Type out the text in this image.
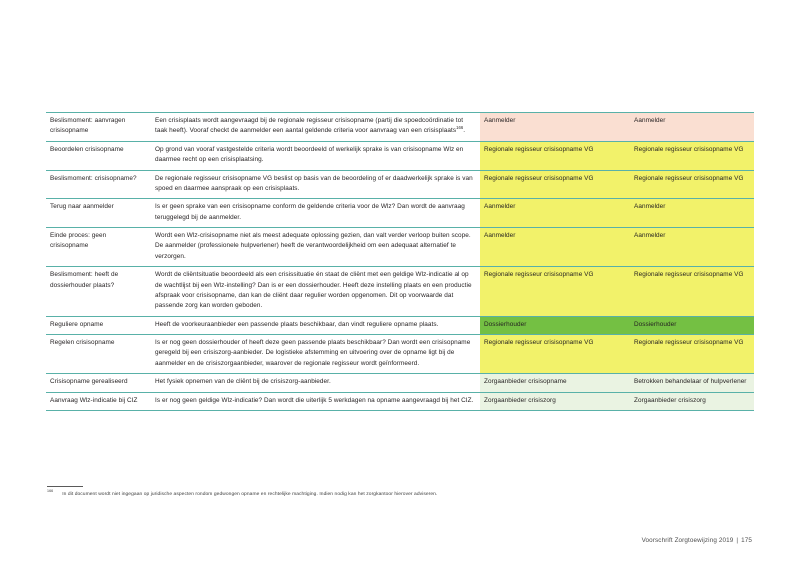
Beslismoment: aanvragen crisisopname	Een crisisplaats wordt aangevraagd bij de regionale regisseur crisisopname (partij die spoedcoördinatie tot taak heeft). Vooraf checkt de aanmelder een aantal geldende criteria voor aanvraag van een crisisplaats$^{166}$.	Aanmelder	Aanmelder
Beoordelen crisisopname	Op grond van vooraf vastgestelde criteria wordt beoordeeld of werkelijk sprake is van crisisopname Wlz en daarmee recht op een crisisplaatsing.	Regionale regisseur crisisopname VG	Regionale regisseur crisisopname VG
Beslismoment: crisisopname?	De regionale regisseur crisisopname VG beslist op basis van de beoordeling of er daadwerkelijk sprake is van spoed en daarmee aanspraak op een crisisplaats.	Regionale regisseur crisisopname VG	Regionale regisseur crisisopname VG
Terug naar aanmelder	Is er geen sprake van een crisisopname conform de geldende criteria voor de Wlz? Dan wordt de aanvraag teruggelegd bij de aanmelder.	Aanmelder	Aanmelder
Einde proces: geen crisisopname	Wordt een Wlz-crisisopname niet als meest adequate oplossing gezien, dan valt verder verloop buiten scope. De aanmelder (professionele hulpverlener) heeft de verantwoordelijkheid om een adequaat alternatief te verzorgen.	Aanmelder	Aanmelder
Beslismoment: heeft de dossierhouder plaats?	Wordt de cliëntsituatie beoordeeld als een crisissituatie én staat de cliënt met een geldige Wlz-indicatie al op de wachtlijst bij een Wlz-instelling? Dan is er een dossierhouder. Heeft deze instelling plaats en een productie afspraak voor crisisopname, dan kan de cliënt daar regulier worden opgenomen. Dit op voorwaarde dat passende zorg kan worden geboden.	Regionale regisseur crisisopname VG	Regionale regisseur crisisopname VG
Reguliere opname	Heeft de voorkeuraanbieder een passende plaats beschikbaar, dan vindt reguliere opname plaats.	Dossierhouder	Dossierhouder
Regelen crisisopname	Is er nog geen dossierhouder of heeft deze geen passende plaats beschikbaar? Dan wordt een crisisopname geregeld bij een crisiszorg-aanbieder. De logistieke afstemming en uitvoering over de opname ligt bij de aanmelder en de crisiszorgaanbieder, waarover de regionale regisseur wordt geïnformeerd.	Regionale regisseur crisisopname VG	Regionale regisseur crisisopname VG
Crisisopname gerealiseerd	Het fysiek opnemen van de cliënt bij de crisiszorg-aanbieder.	Zorgaanbieder crisisopname	Betrokken behandelaar of hulpverlener
Aanvraag Wlz-indicatie bij CIZ	Is er nog geen geldige Wlz-indicatie? Dan wordt die uiterlijk 5 werkdagen na opname aangevraagd bij het CIZ.	Zorgaanbieder crisiszorg	Zorgaanbieder crisiszorg
$^{166}$In dit document wordt niet ingegaan op juridische aspecten rondom gedwongen opname en rechtelijke machtiging. Indien nodig kan het zorgkantoor hierover adviseren.
Voorschrift Zorgtoewijzing 2019 | 175
